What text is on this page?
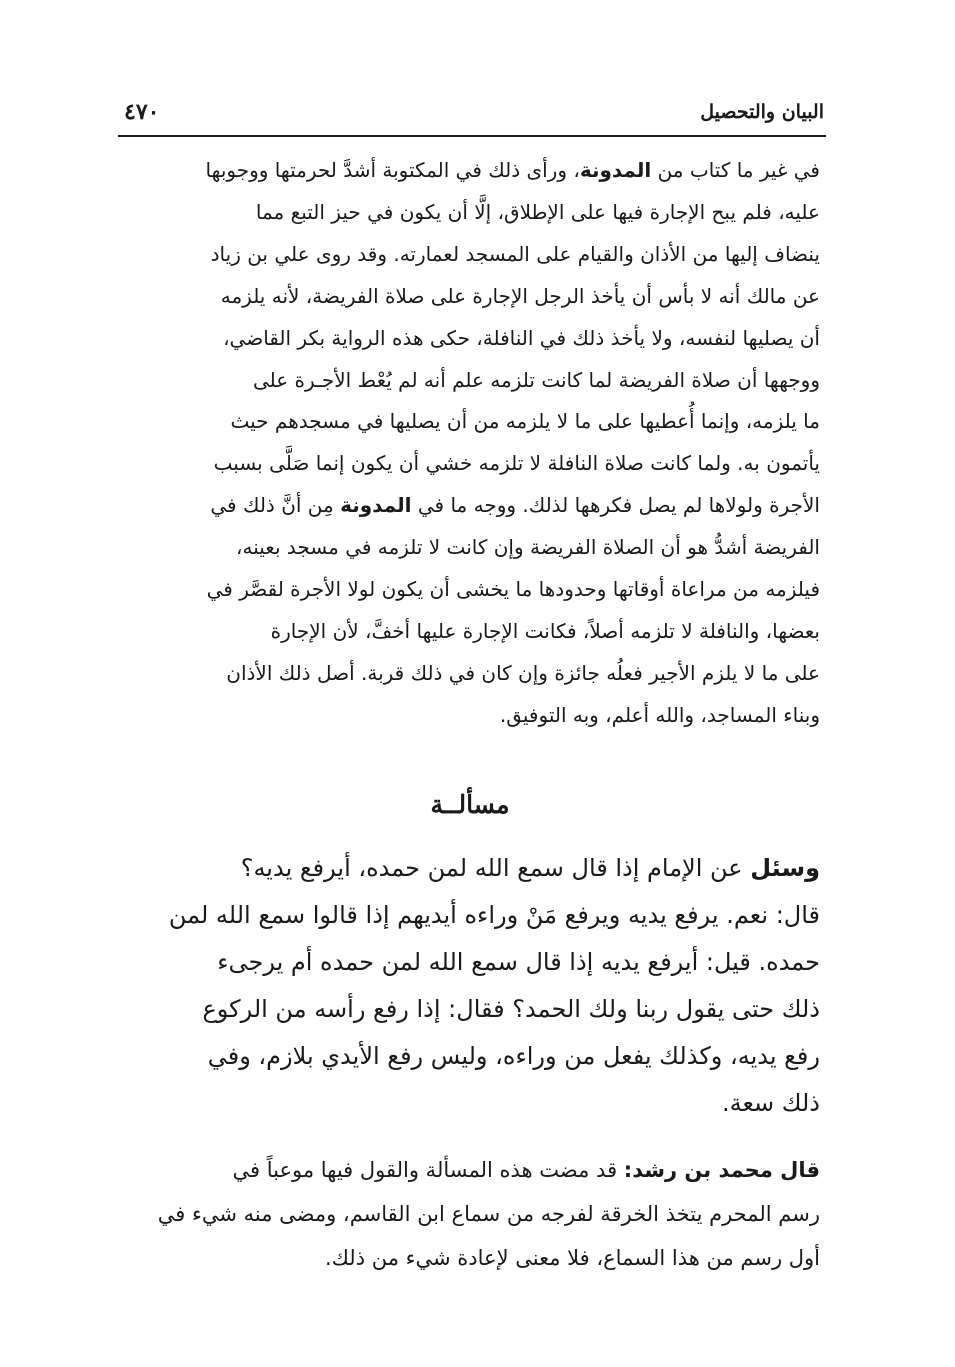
البيان والتحصيل
٤٧٠
في غير ما كتاب من المدونة، ورأى ذلك في المكتوبة أشدَّ لحرمتها ووجوبها
عليه، فلم يبح الإجارة فيها على الإطلاق، إلَّا أن يكون في حيز التبع مما
ينضاف إليها من الأذان والقيام على المسجد لعمارته. وقد روى علي بن زياد
عن مالك أنه لا بأس أن يأخذ الرجل الإجارة على صلاة الفريضة، لأنه يلزمه
أن يصليها لنفسه، ولا يأخذ ذلك في النافلة، حكى هذه الرواية بكر القاضي،
ووجهها أن صلاة الفريضة لما كانت تلزمه علم أنه لم يُعْط الأجـرة على
ما يلزمه، وإنما أُعطيها على ما لا يلزمه من أن يصليها في مسجدهم حيث
يأتمون به. ولما كانت صلاة النافلة لا تلزمه خشي أن يكون إنما صَلَّى بسبب
الأجرة ولولاها لم يصل فكرهها لذلك. ووجه ما في المدونة مِن أنَّ ذلك في
الفريضة أشدُّ هو أن الصلاة الفريضة وإن كانت لا تلزمه في مسجد بعينه،
فيلزمه من مراعاة أوقاتها وحدودها ما يخشى أن يكون لولا الأجرة لقصَّر في
بعضها، والنافلة لا تلزمه أصلاً، فكانت الإجارة عليها أخفَّ، لأن الإجارة
على ما لا يلزم الأجير فعلُه جائزة وإن كان في ذلك قربة. أصل ذلك الأذان
وبناء المساجد، والله أعلم، وبه التوفيق.
مسألــة
وسئل عن الإمام إذا قال سمع الله لمن حمده، أيرفع يديه؟
قال: نعم. يرفع يديه ويرفع مَنْ وراءه أيديهم إذا قالوا سمع الله لمن
حمده. قيل: أيرفع يديه إذا قال سمع الله لمن حمده أم يرجىء
ذلك حتى يقول ربنا ولك الحمد؟ فقال: إذا رفع رأسه من الركوع
رفع يديه، وكذلك يفعل من وراءه، وليس رفع الأيدي بلازم، وفي
ذلك سعة.
قال محمد بن رشد: قد مضت هذه المسألة والقول فيها موعباً في
رسم المحرم يتخذ الخرقة لفرجه من سماع ابن القاسم، ومضى منه شيء في
أول رسم من هذا السماع، فلا معنى لإعادة شيء من ذلك.
